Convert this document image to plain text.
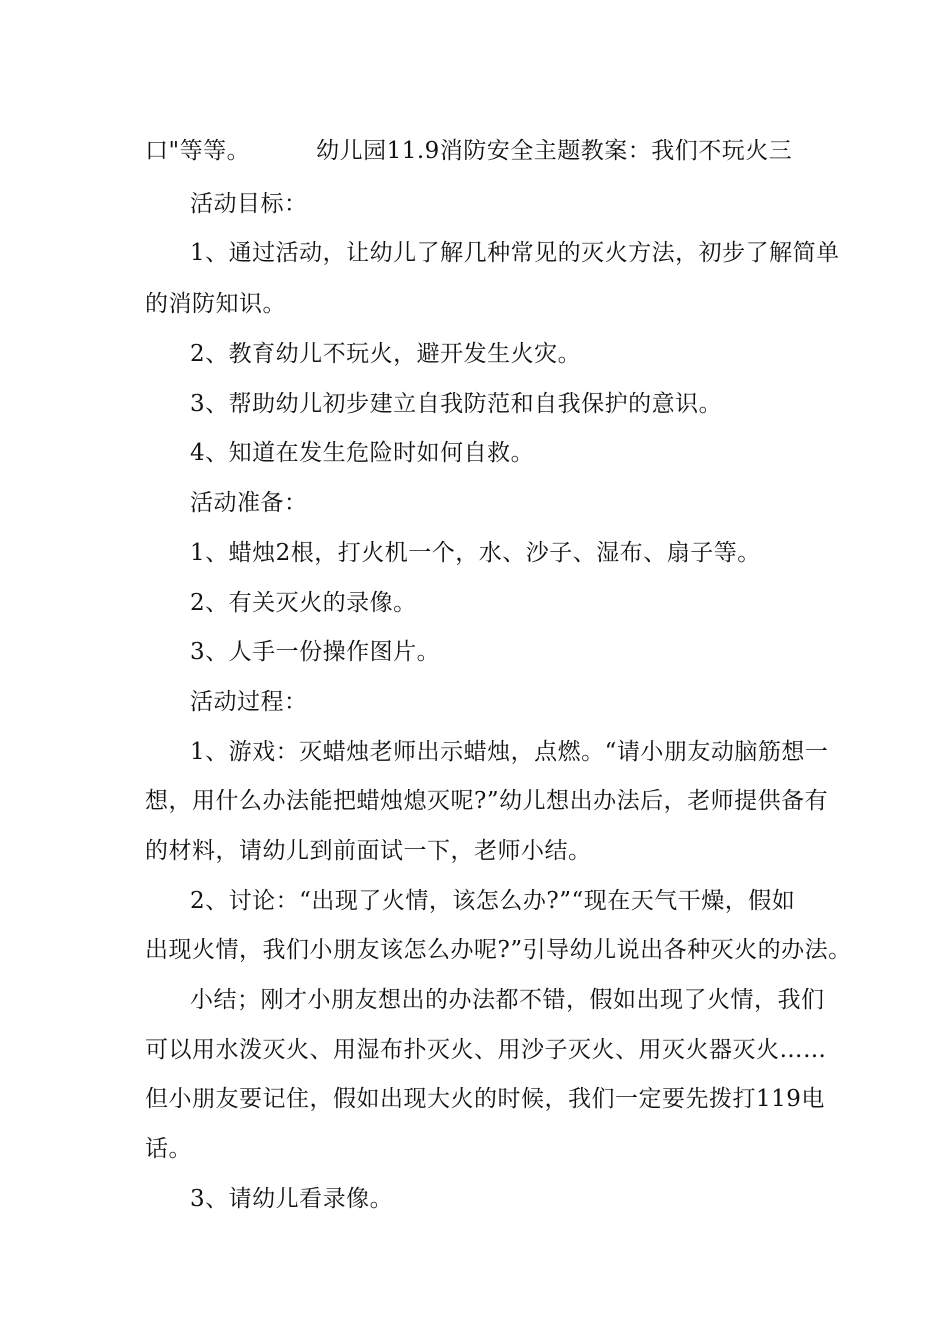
口"等等。	幼儿园11.9消防安全主题教案：我们不玩火三
活动目标：
1、通过活动，让幼儿了解几种常见的灭火方法，初步了解简单
的消防知识。
2、教育幼儿不玩火，避开发生火灾。
3、帮助幼儿初步建立自我防范和自我保护的意识。
4、知道在发生危险时如何自救。
活动准备：
1、蜡烛2根，打火机一个，水、沙子、湿布、扇子等。
2、有关灭火的录像。
3、人手一份操作图片。
活动过程：
1、游戏：灭蜡烛老师出示蜡烛，点燃。“请小朋友动脑筋想一
想，用什么办法能把蜡烛熄灭呢?”幼儿想出办法后，老师提供备有
的材料，请幼儿到前面试一下，老师小结。
2、讨论：“出现了火情，该怎么办?”“现在天气干燥，假如
出现火情，我们小朋友该怎么办呢?”引导幼儿说出各种灭火的办法。
小结；刚才小朋友想出的办法都不错，假如出现了火情，我们
可以用水泼灭火、用湿布扑灭火、用沙子灭火、用灭火器灭火……
但小朋友要记住，假如出现大火的时候，我们一定要先拨打119电
话。
3、请幼儿看录像。
